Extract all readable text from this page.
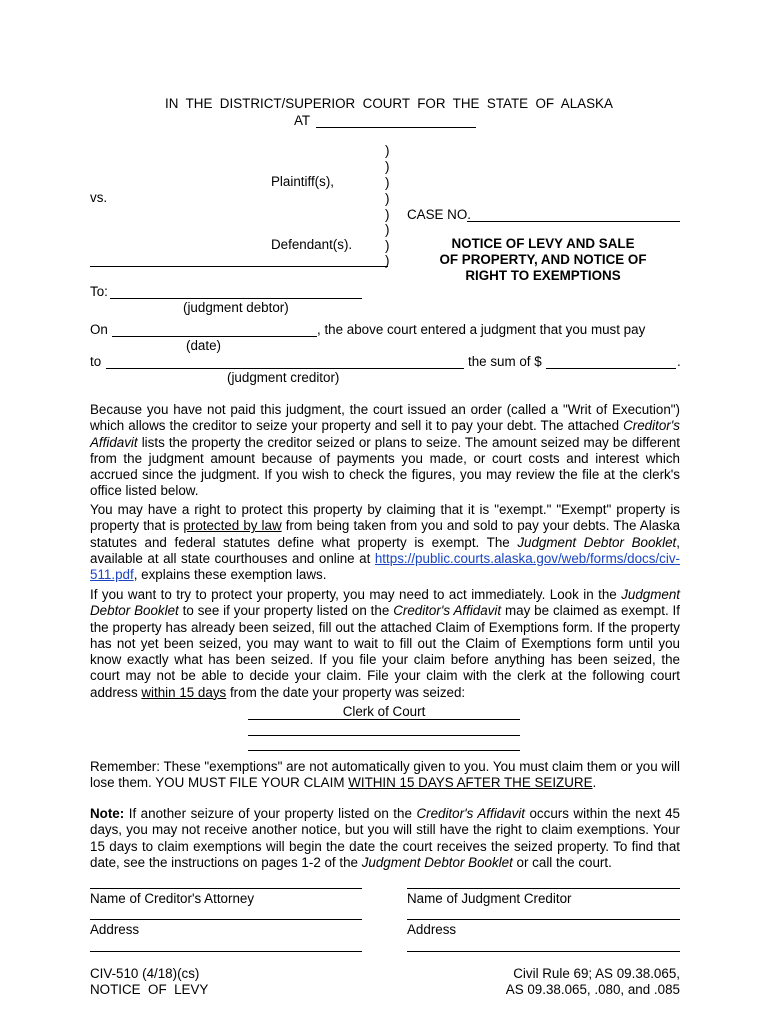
IN  THE  DISTRICT/SUPERIOR  COURT  FOR  THE  STATE  OF  ALASKA
AT
)
)
)
)
)
)
)
)
Plaintiff(s),
vs.
Defendant(s).
CASE NO.
NOTICE OF LEVY AND SALE
OF PROPERTY, AND NOTICE OF
RIGHT TO EXEMPTIONS
To:
(judgment debtor)
On	, the above court entered a judgment that you must pay
(date)
to	the sum of $	.
(judgment creditor)
Because you have not paid this judgment, the court issued an order (called a "Writ of Execution") which allows the creditor to seize your property and sell it to pay your debt. The attached Creditor's Affidavit lists the property the creditor seized or plans to seize. The amount seized may be different from the judgment amount because of payments you made, or court costs and interest which accrued since the judgment. If you wish to check the figures, you may review the file at the clerk's office listed below.
You may have a right to protect this property by claiming that it is "exempt." "Exempt" property is property that is protected by law from being taken from you and sold to pay your debts. The Alaska statutes and federal statutes define what property is exempt. The Judgment Debtor Booklet, available at all state courthouses and online at https://public.courts.alaska.gov/web/forms/docs/civ-511.pdf, explains these exemption laws.
If you want to try to protect your property, you may need to act immediately. Look in the Judgment Debtor Booklet to see if your property listed on the Creditor's Affidavit may be claimed as exempt. If the property has already been seized, fill out the attached Claim of Exemptions form. If the property has not yet been seized, you may want to wait to fill out the Claim of Exemptions form until you know exactly what has been seized. If you file your claim before anything has been seized, the court may not be able to decide your claim. File your claim with the clerk at the following court address within 15 days from the date your property was seized:
Clerk of Court
Remember: These "exemptions" are not automatically given to you. You must claim them or you will lose them. YOU MUST FILE YOUR CLAIM WITHIN 15 DAYS AFTER THE SEIZURE.
Note: If another seizure of your property listed on the Creditor's Affidavit occurs within the next 45 days, you may not receive another notice, but you will still have the right to claim exemptions. Your 15 days to claim exemptions will begin the date the court receives the seized property. To find that date, see the instructions on pages 1-2 of the Judgment Debtor Booklet or call the court.
Name of Creditor's Attorney	Name of Judgment Creditor
Address	Address
CIV-510 (4/18)(cs)
NOTICE  OF  LEVY
Civil Rule 69; AS 09.38.065,
AS 09.38.065, .080, and .085
